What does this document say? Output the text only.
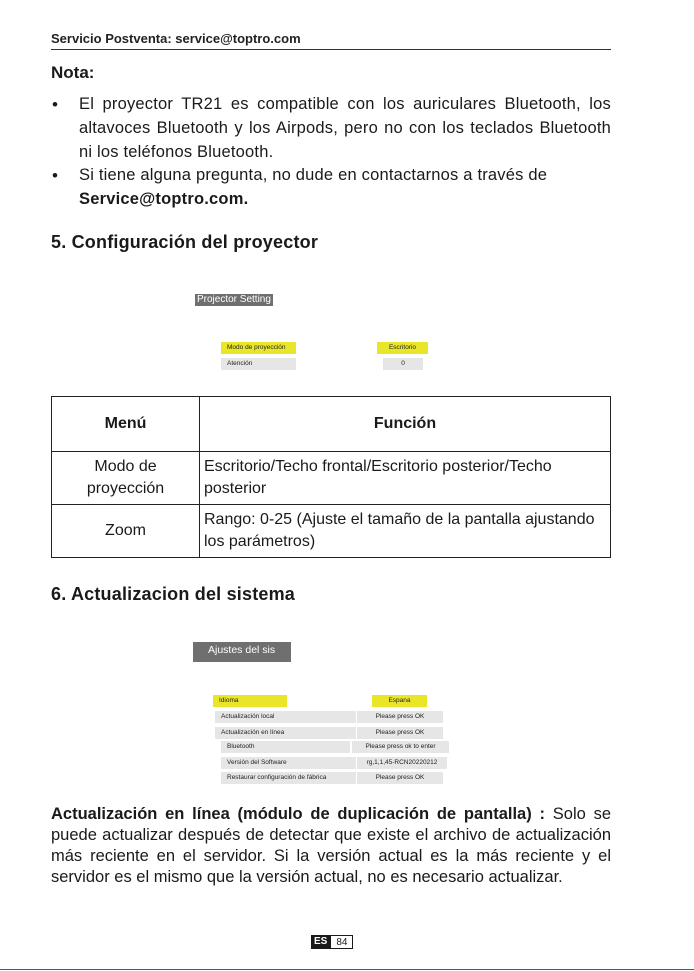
Servicio Postventa: service@toptro.com
Nota:
• El proyector TR21 es compatible con los auriculares Bluetooth, los altavoces Bluetooth y los Airpods, pero no con los teclados Bluetooth ni los teléfonos Bluetooth.
• Si tiene alguna pregunta, no dude en contactarnos a través de
Service@toptro.com.
5. Configuración del proyector
Projector Setting
Modo de proyección	Escritorio
Atención	0
Menú	Función
Modo de proyección	Escritorio/Techo frontal/Escritorio posterior/Techo posterior
Zoom	Rango: 0-25 (Ajuste el tamaño de la pantalla ajustando los parámetros)
6. Actualizacion del sistema
Ajustes del sis
Idioma	Espana
Actualización local	Please press OK
Actualización en línea	Please press OK
Bluetooth	Please press ok to enter
Versión del Software	rg,1,1,45-RCN20220212
Restaurar configuración de fábrica	Please press OK
Actualización en línea (módulo de duplicación de pantalla) : Solo se puede actualizar después de detectar que existe el archivo de actualización más reciente en el servidor. Si la versión actual es la más reciente y el servidor es el mismo que la versión actual, no es necesario actualizar.
ES 84
